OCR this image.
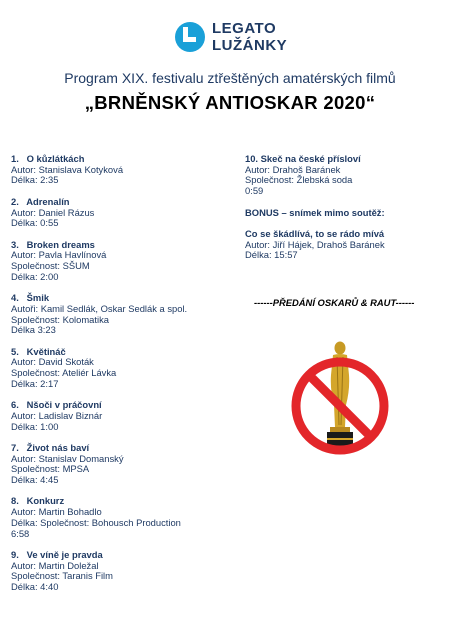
LEGATO
LUŽÁNKY
Program XIX. festivalu ztřeštěných amatérských filmů
„BRNĚNSKÝ ANTIOSKAR 2020“
1.   O kůzlátkách
Autor: Stanislava Kotyková
Délka: 2:35
2.   Adrenalín
Autor: Daniel Rázus
Délka: 0:55
3.   Broken dreams
Autor: Pavla Havlínová
Společnost: SŠUM
Délka: 2:00
4.   Šmik
Autoři: Kamil Sedlák, Oskar Sedlák a spol.
Společnost: Kolomatika
Délka 3:23
5.   Květináč
Autor: David Skoták
Společnost: Ateliér Lávka
Délka: 2:17
6.   Nšoči v práčovní
Autor: Ladislav Biznár
Délka: 1:00
7.   Život nás baví
Autor: Stanislav Domanský
Společnost: MPSA
Délka: 4:45
8.   Konkurz
Autor: Martin Bohadlo
Délka: Společnost: Bohousch Production
6:58
9.   Ve víně je pravda
Autor: Martin Doležal
Společnost: Taranis Film
Délka: 4:40
10. Skeč na české přísloví
Autor: Drahoš Baránek
Společnost: Žlebská soda
0:59
BONUS – snímek mimo soutěž:
Co se škádlívá, to se rádo mívá
Autor: Jiří Hájek, Drahoš Baránek
Délka: 15:57
------PŘEDÁNÍ OSKARŮ & RAUT------
